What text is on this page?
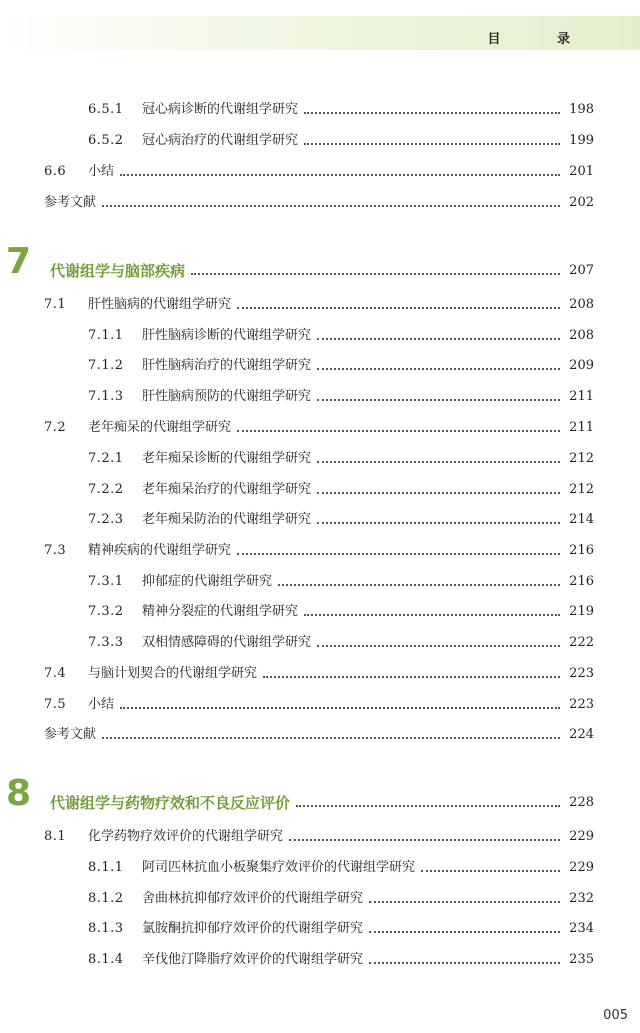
目 录
6.5.1	冠心病诊断的代谢组学研究	198
6.5.2	冠心病治疗的代谢组学研究	199
6.6	小结	201
参考文献	202
7	代谢组学与脑部疾病	207
7.1	肝性脑病的代谢组学研究	208
7.1.1	肝性脑病诊断的代谢组学研究	208
7.1.2	肝性脑病治疗的代谢组学研究	209
7.1.3	肝性脑病预防的代谢组学研究	211
7.2	老年痴呆的代谢组学研究	211
7.2.1	老年痴呆诊断的代谢组学研究	212
7.2.2	老年痴呆治疗的代谢组学研究	212
7.2.3	老年痴呆防治的代谢组学研究	214
7.3	精神疾病的代谢组学研究	216
7.3.1	抑郁症的代谢组学研究	216
7.3.2	精神分裂症的代谢组学研究	219
7.3.3	双相情感障碍的代谢组学研究	222
7.4	与脑计划契合的代谢组学研究	223
7.5	小结	223
参考文献	224
8	代谢组学与药物疗效和不良反应评价	228
8.1	化学药物疗效评价的代谢组学研究	229
8.1.1	阿司匹林抗血小板聚集疗效评价的代谢组学研究	229
8.1.2	舍曲林抗抑郁疗效评价的代谢组学研究	232
8.1.3	氯胺酮抗抑郁疗效评价的代谢组学研究	234
8.1.4	辛伐他汀降脂疗效评价的代谢组学研究	235
005
